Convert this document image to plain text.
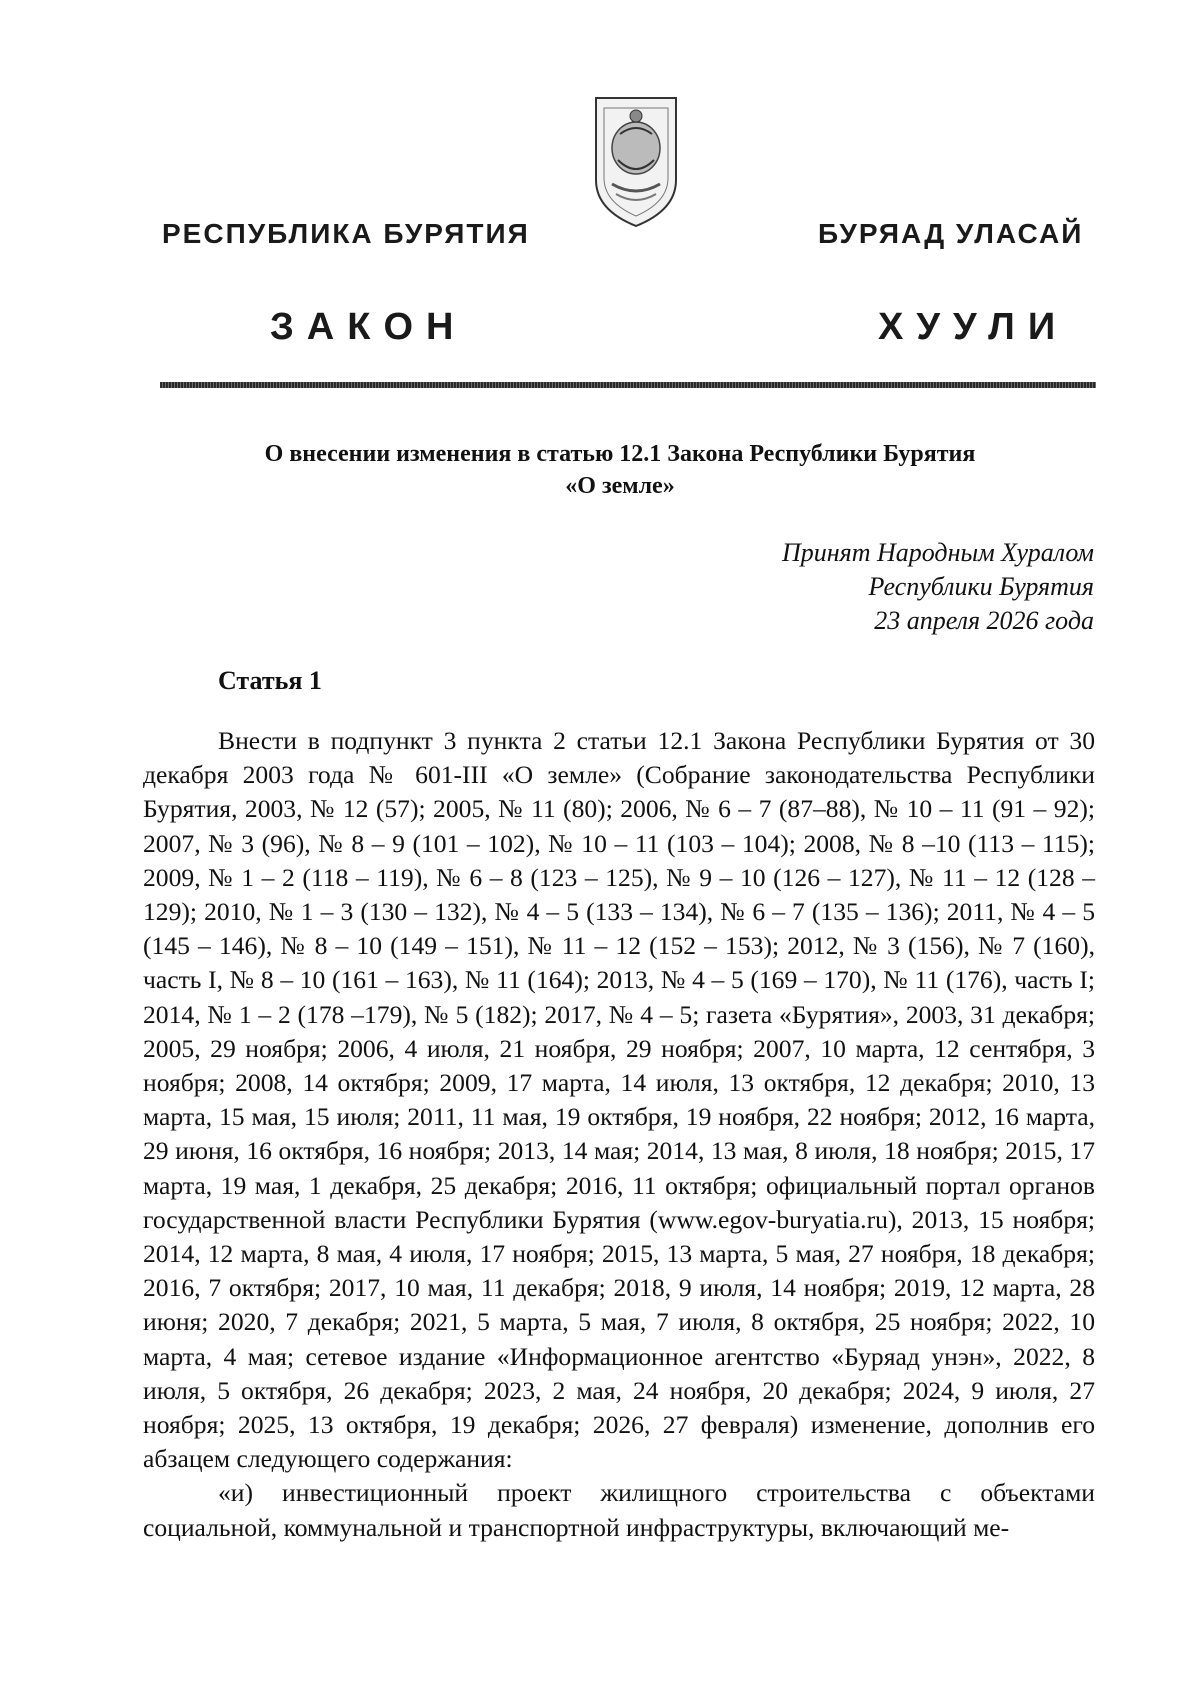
РЕСПУБЛИКА БУРЯТИЯ	БУРЯАД УЛАСАЙ
ЗАКОН	ХУУЛИ
О внесении изменения в статью 12.1 Закона Республики Бурятия
«О земле»
Принят Народным Хуралом
Республики Бурятия
23 апреля 2026 года
Статья 1

Внести в подпункт 3 пункта 2 статьи 12.1 Закона Республики Бурятия от 30 декабря 2003 года № 601-III «О земле» (Собрание законодательства Республики Бурятия, 2003, № 12 (57); 2005, № 11 (80); 2006, № 6 – 7 (87–88), № 10 – 11 (91 – 92); 2007, № 3 (96), № 8 – 9 (101 – 102), № 10 – 11 (103 – 104); 2008, № 8 –10 (113 – 115); 2009, № 1 – 2 (118 – 119), № 6 – 8 (123 – 125), № 9 – 10 (126 – 127), № 11 – 12 (128 – 129); 2010, № 1 – 3 (130 – 132), № 4 – 5 (133 – 134), № 6 – 7 (135 – 136); 2011, № 4 – 5 (145 – 146), № 8 – 10 (149 – 151), № 11 – 12 (152 – 153); 2012, № 3 (156), № 7 (160), часть I, № 8 – 10 (161 – 163), № 11 (164); 2013, № 4 – 5 (169 – 170), № 11 (176), часть I; 2014, № 1 – 2 (178 –179), № 5 (182); 2017, № 4 – 5; газета «Бурятия», 2003, 31 декабря; 2005, 29 ноября; 2006, 4 июля, 21 ноября, 29 ноября; 2007, 10 марта, 12 сентября, 3 ноября; 2008, 14 октября; 2009, 17 марта, 14 июля, 13 октября, 12 декабря; 2010, 13 марта, 15 мая, 15 июля; 2011, 11 мая, 19 октября, 19 ноября, 22 ноября; 2012, 16 марта, 29 июня, 16 октября, 16 ноября; 2013, 14 мая; 2014, 13 мая, 8 июля, 18 ноября; 2015, 17 марта, 19 мая, 1 декабря, 25 декабря; 2016, 11 октября; официальный портал органов государственной власти Республики Бурятия (www.egov-buryatia.ru), 2013, 15 ноября; 2014, 12 марта, 8 мая, 4 июля, 17 ноября; 2015, 13 марта, 5 мая, 27 ноября, 18 декабря; 2016, 7 октября; 2017, 10 мая, 11 декабря; 2018, 9 июля, 14 ноября; 2019, 12 марта, 28 июня; 2020, 7 декабря; 2021, 5 марта, 5 мая, 7 июля, 8 октября, 25 ноября; 2022, 10 марта, 4 мая; сетевое издание «Информационное агентство «Буряад унэн», 2022, 8 июля, 5 октября, 26 декабря; 2023, 2 мая, 24 ноября, 20 декабря; 2024, 9 июля, 27 ноября; 2025, 13 октября, 19 декабря; 2026, 27 февраля) изменение, дополнив его абзацем следующего содержания:

«и) инвестиционный проект жилищного строительства с объектами социальной, коммунальной и транспортной инфраструктуры, включающий ме-
